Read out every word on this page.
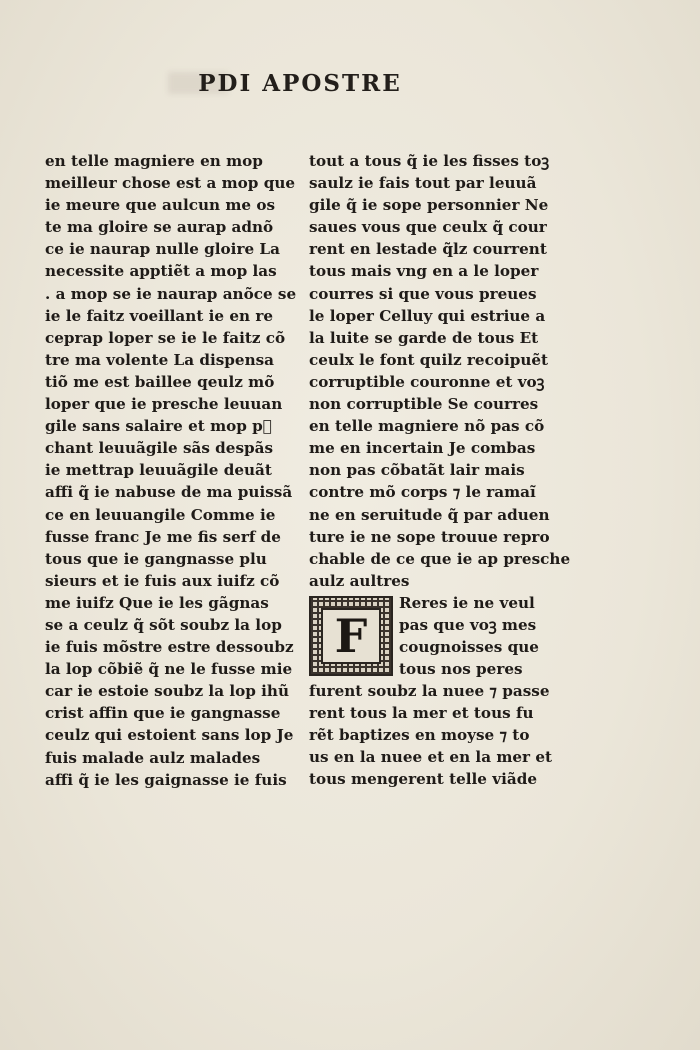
PDI APOSTRE
en telle magniere en mop
meilleur chose est a mop que
ie meure que aulcun me os
te ma gloire se aurap adnõ
ce ie naurap nulle gloire La
necessite apptiẽt a mop las
. a mop se ie naurap anõce se
ie le faitz voeillant ie en re
ceprap loper se ie le faitz cõ
tre ma volente La dispensa
tiõ me est baillee qeulz mõ
loper que ie presche leuuan
gile sans salaire et mop pᷓ
chant leuuãgile sãs despãs
ie mettrap leuuãgile deuãt
affi q̃ ie nabuse de ma puissã
ce en leuuangile Comme ie
fusse franc Je me fis serf de
tous que ie gangnasse plu
sieurs et ie fuis aux iuifz cõ
me iuifz Que ie les gãgnas
se a ceulz q̃ sõt soubz la lop
ie fuis mõstre estre dessoubz
la lop cõbiẽ q̃ ne le fusse mie
car ie estoie soubz la lop ihũ
crist affin que ie gangnasse
ceulz qui estoient sans lop Je
fuis malade aulz malades
affi q̃ ie les gaignasse ie fuis
tout a tous q̃ ie les fisses toꝫ
saulz ie fais tout par leuuã
gile q̃ ie sope personnier Ne
saues vous que ceulx q̃ cour
rent en lestade q̃lz courrent
tous mais vng en a le loper
courres si que vous preues
le loper Celluy qui estriue a
la luite se garde de tous Et
ceulx le font quilz recoipuẽt
corruptible couronne et voꝫ
non corruptible Se courres
en telle magniere nõ pas cõ
me en incertain Je combas
non pas cõbatãt lair mais
contre mõ corps ⁊ le ramaĩ
ne en seruitude q̃ par aduen
ture ie ne sope trouue repro
chable de ce que ie ap presche
aulz aultres
F
Reres ie ne veul
pas que voꝫ mes
cougnoisses que
tous nos peres
furent soubz la nuee ⁊ passe
rent tous la mer et tous fu
rẽt baptizes en moyse ⁊ to
us en la nuee et en la mer et
tous mengerent telle viãde
